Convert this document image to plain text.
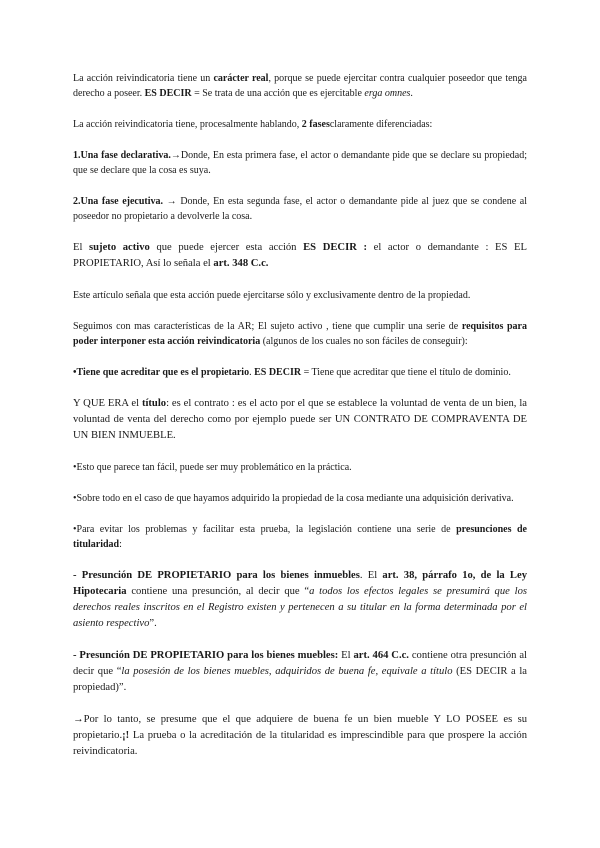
La acción reivindicatoria tiene un carácter real, porque se puede ejercitar contra cualquier poseedor que tenga derecho a poseer. ES DECIR = Se trata de una acción que es ejercitable erga omnes.

La acción reivindicatoria tiene, procesalmente hablando, 2 fasesclaramente diferenciadas:

1.Una fase declarativa.→Donde, En esta primera fase, el actor o demandante pide que se declare su propiedad; que se declare que la cosa es suya.

2.Una fase ejecutiva. → Donde, En esta segunda fase, el actor o demandante pide al juez que se condene al poseedor no propietario a devolverle la cosa.

El sujeto activo que puede ejercer esta acción ES DECIR : el actor o demandante : ES EL PROPIETARIO, Así lo señala el art. 348 C.c.

Este artículo señala que esta acción puede ejercitarse sólo y exclusivamente dentro de la propiedad.

Seguimos con mas características de la AR; El sujeto activo , tiene que cumplir una serie de requisitos para poder interponer esta acción reivindicatoria (algunos de los cuales no son fáciles de conseguir):

•Tiene que acreditar que es el propietario. ES DECIR = Tiene que acreditar que tiene el título de dominio.

Y QUE ERA el título: es el contrato : es el acto por el que se establece la voluntad de venta de un bien, la voluntad de venta del derecho como por ejemplo puede ser UN CONTRATO DE COMPRAVENTA DE UN BIEN INMUEBLE.

•Esto que parece tan fácil, puede ser muy problemático en la práctica.

•Sobre todo en el caso de que hayamos adquirido la propiedad de la cosa mediante una adquisición derivativa.

•Para evitar los problemas y facilitar esta prueba, la legislación contiene una serie de presunciones de titularidad:

- Presunción DE PROPIETARIO para los bienes inmuebles. El art. 38, párrafo 1o, de la Ley Hipotecaria contiene una presunción, al decir que “a todos los efectos legales se presumirá que los derechos reales inscritos en el Registro existen y pertenecen a su titular en la forma determinada por el asiento respectivo”.

- Presunción DE PROPIETARIO para los bienes muebles: El art. 464 C.c. contiene otra presunción al decir que “la posesión de los bienes muebles, adquiridos de buena fe, equivale a título (ES DECIR a la propiedad)”.

→Por lo tanto, se presume que el que adquiere de buena fe un bien mueble Y LO POSEE es su propietario.¡! La prueba o la acreditación de la titularidad es imprescindible para que prospere la acción reivindicatoria.
